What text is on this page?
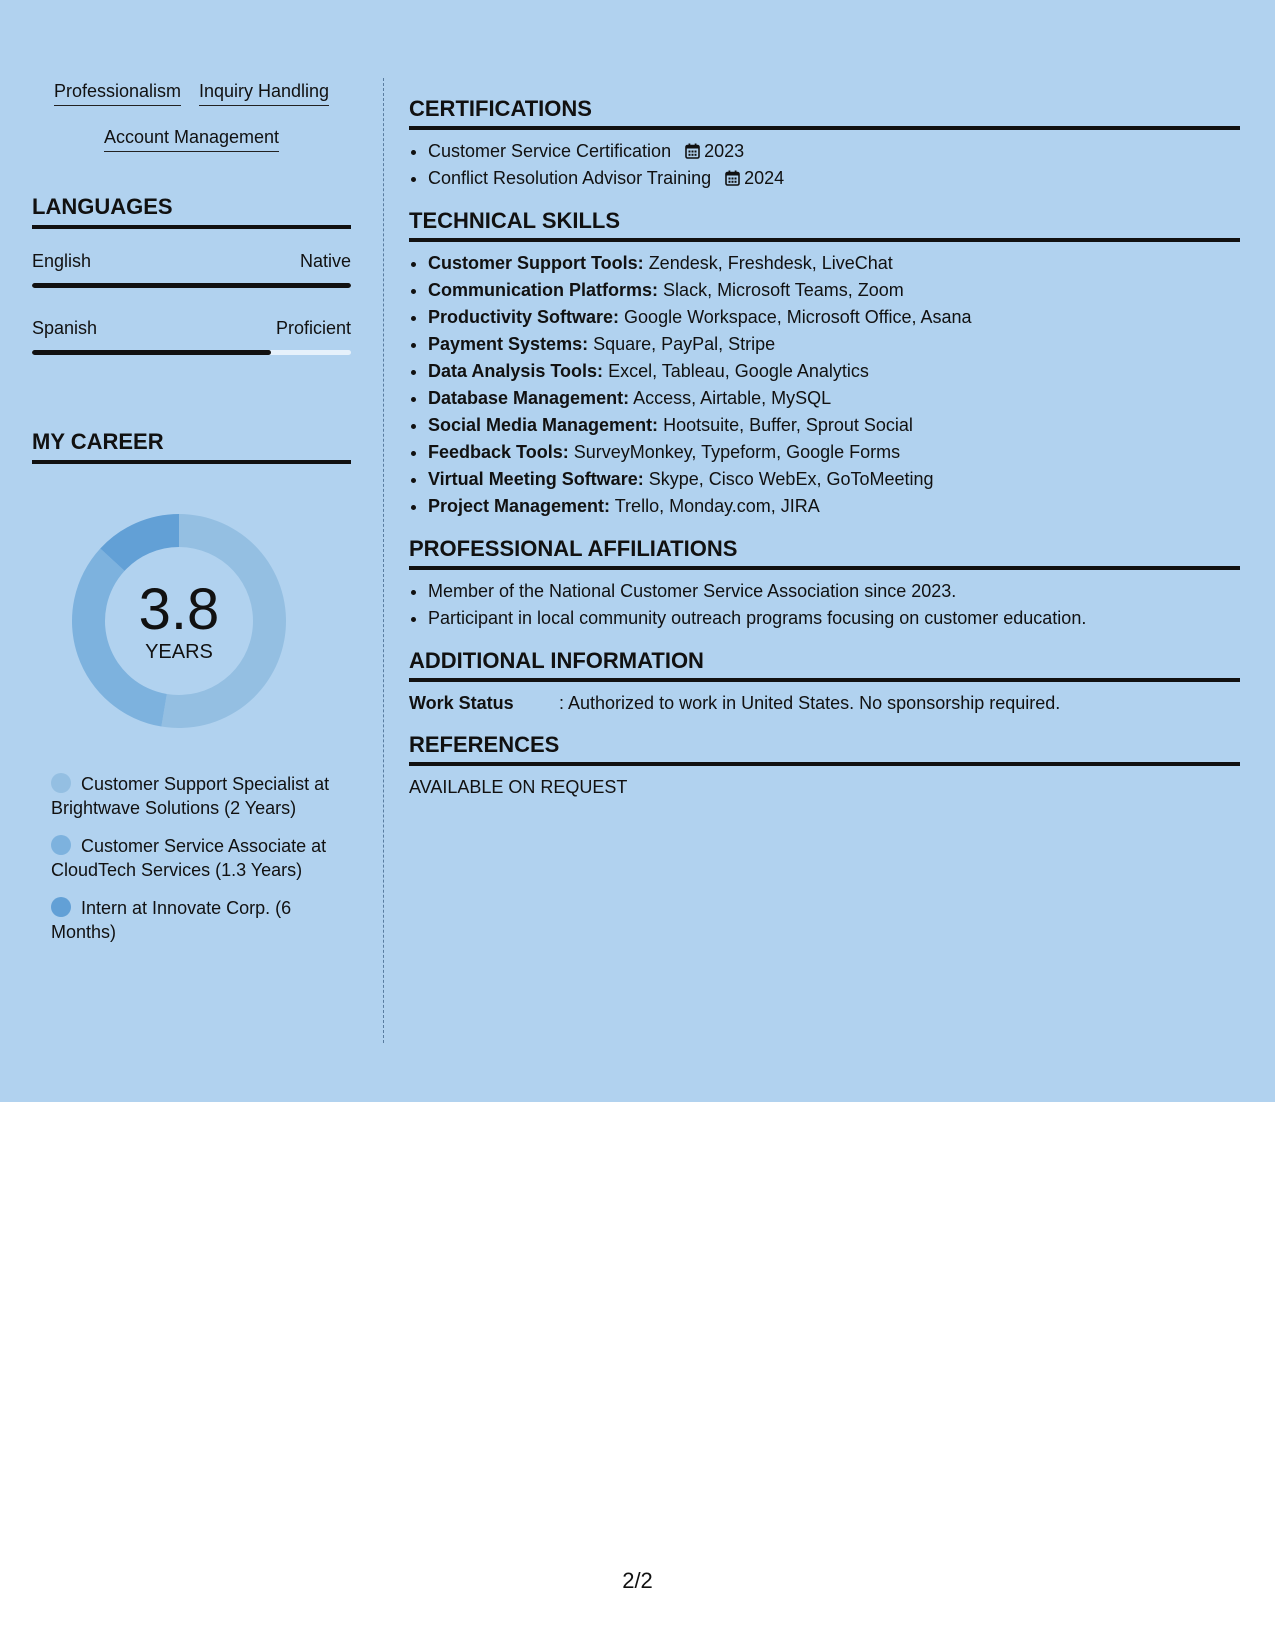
Professionalism Inquiry Handling
Account Management
LANGUAGES
English	Native
Spanish	Proficient
MY CAREER
3.8
YEARS
Customer Support Specialist at Brightwave Solutions (2 Years)
Customer Service Associate at CloudTech Services (1.3 Years)
Intern at Innovate Corp. (6 Months)
CERTIFICATIONS
• Customer Service Certification 2023
• Conflict Resolution Advisor Training 2024
TECHNICAL SKILLS
• Customer Support Tools: Zendesk, Freshdesk, LiveChat
• Communication Platforms: Slack, Microsoft Teams, Zoom
• Productivity Software: Google Workspace, Microsoft Office, Asana
• Payment Systems: Square, PayPal, Stripe
• Data Analysis Tools: Excel, Tableau, Google Analytics
• Database Management: Access, Airtable, MySQL
• Social Media Management: Hootsuite, Buffer, Sprout Social
• Feedback Tools: SurveyMonkey, Typeform, Google Forms
• Virtual Meeting Software: Skype, Cisco WebEx, GoToMeeting
• Project Management: Trello, Monday.com, JIRA
PROFESSIONAL AFFILIATIONS
• Member of the National Customer Service Association since 2023.
• Participant in local community outreach programs focusing on customer education.
ADDITIONAL INFORMATION
Work Status	: Authorized to work in United States. No sponsorship required.
REFERENCES
AVAILABLE ON REQUEST
2/2
